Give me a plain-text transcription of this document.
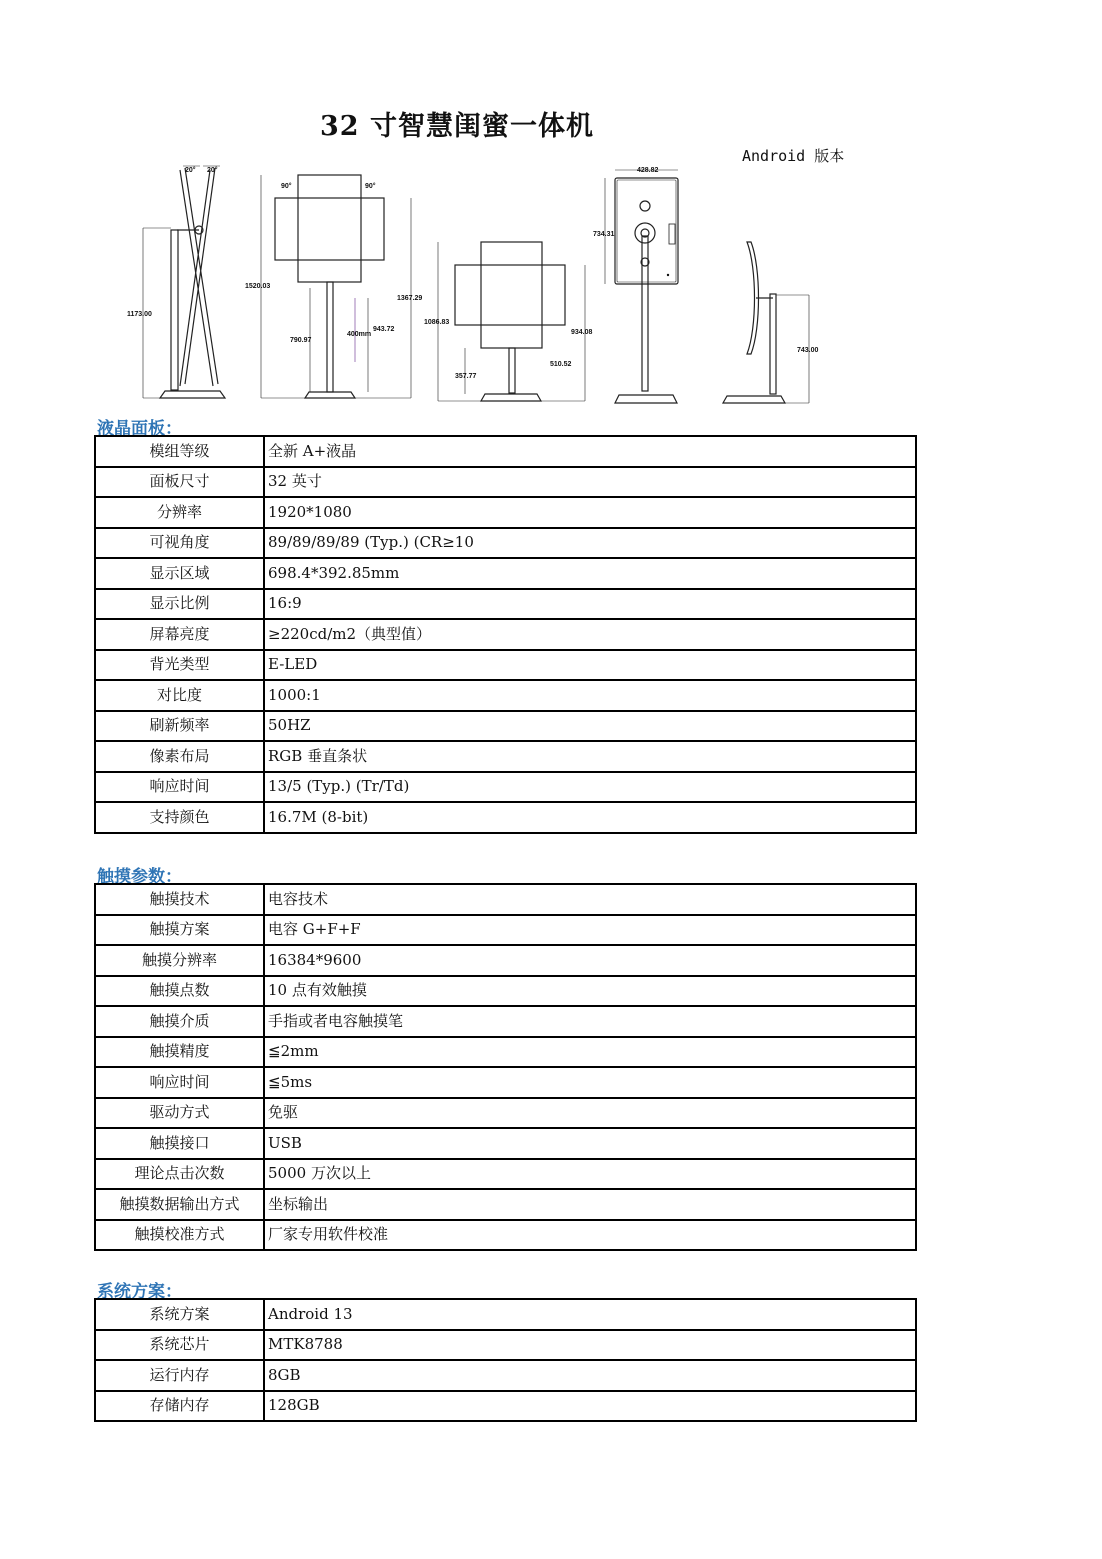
32 寸智慧闺蜜一体机
Android 版本
20° 20°
1173.00
90°	90°
1520.03
1367.29
790.97
943.72
400mm
1086.83
934.08
357.77
510.52
428.82
734.31
743.00
液晶面板：
模组等级	全新 A+液晶
面板尺寸	32 英寸
分辨率	1920*1080
可视角度	89/89/89/89 (Typ.) (CR≥10
显示区域	698.4*392.85mm
显示比例	16:9
屏幕亮度	≥220cd/m2（典型值）
背光类型	E-LED
对比度	1000:1
刷新频率	50HZ
像素布局	RGB 垂直条状
响应时间	13/5 (Typ.) (Tr/Td)
支持颜色	16.7M (8-bit)
触摸参数：
触摸技术	电容技术
触摸方案	电容 G+F+F
触摸分辨率	16384*9600
触摸点数	10 点有效触摸
触摸介质	手指或者电容触摸笔
触摸精度	≦2mm
响应时间	≦5ms
驱动方式	免驱
触摸接口	USB
理论点击次数	5000 万次以上
触摸数据输出方式	坐标输出
触摸校准方式	厂家专用软件校准
系统方案：
系统方案	Android 13
系统芯片	MTK8788
运行内存	8GB
存储内存	128GB
